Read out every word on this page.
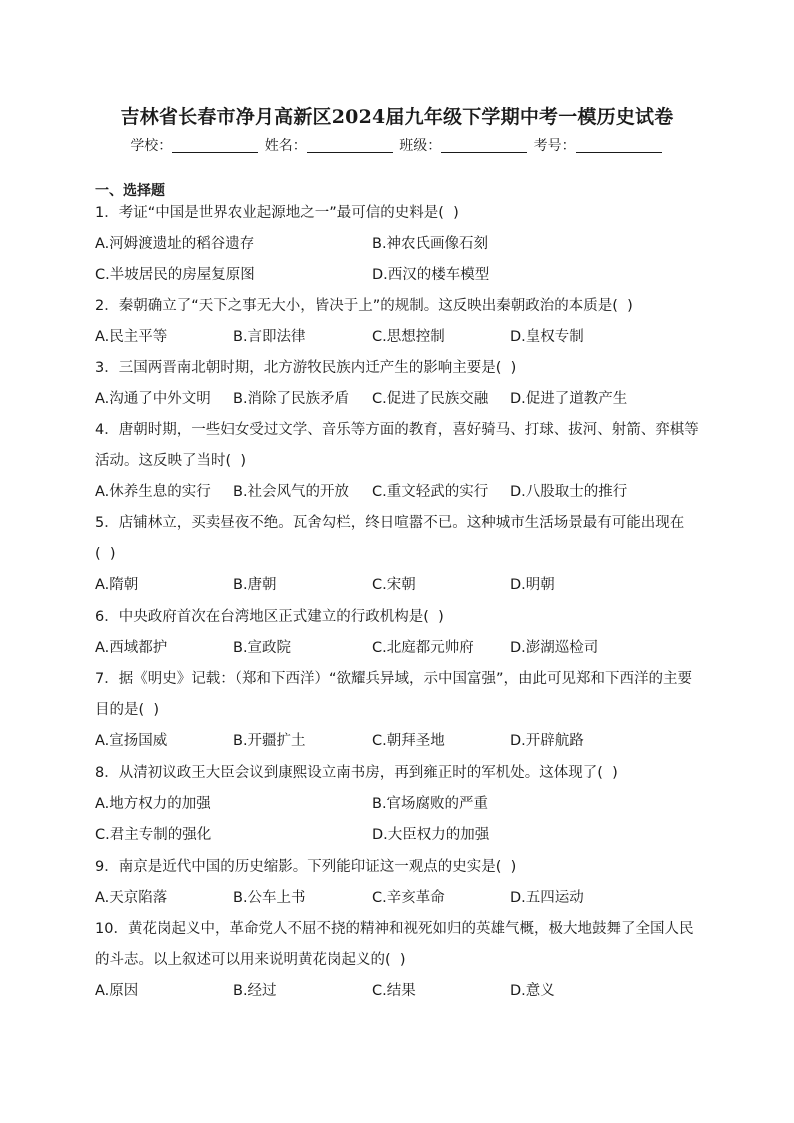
吉林省长春市净月高新区2024届九年级下学期中考一模历史试卷
学校：	姓名：	班级：	考号：
一、选择题
1．考证“中国是世界农业起源地之一”最可信的史料是(  )
A.河姆渡遗址的稻谷遗存	B.神农氏画像石刻
C.半坡居民的房屋复原图	D.西汉的楼车模型
2．秦朝确立了“天下之事无大小，皆决于上”的规制。这反映出秦朝政治的本质是(  )
A.民主平等	B.言即法律	C.思想控制	D.皇权专制
3．三国两晋南北朝时期，北方游牧民族内迁产生的影响主要是(  )
A.沟通了中外文明 B.消除了民族矛盾 C.促进了民族交融 D.促进了道教产生
4．唐朝时期，一些妇女受过文学、音乐等方面的教育，喜好骑马、打球、拔河、射箭、弈棋等活动。这反映了当时(  )
A.休养生息的实行 B.社会风气的开放 C.重文轻武的实行 D.八股取士的推行
5．店铺林立，买卖昼夜不绝。瓦舍勾栏，终日喧嚣不已。这种城市生活场景最有可能出现在(  )
A.隋朝	B.唐朝	C.宋朝	D.明朝
6．中央政府首次在台湾地区正式建立的行政机构是(  )
A.西域都护	B.宣政院	C.北庭都元帅府	D.澎湖巡检司
7．据《明史》记载：（郑和下西洋）“欲耀兵异域，示中国富强”，由此可见郑和下西洋的主要目的是(  )
A.宣扬国威	B.开疆扩土	C.朝拜圣地	D.开辟航路
8．从清初议政王大臣会议到康熙设立南书房，再到雍正时的军机处。这体现了(  )
A.地方权力的加强	B.官场腐败的严重
C.君主专制的强化	D.大臣权力的加强
9．南京是近代中国的历史缩影。下列能印证这一观点的史实是(  )
A.天京陷落	B.公车上书	C.辛亥革命	D.五四运动
10．黄花岗起义中，革命党人不屈不挠的精神和视死如归的英雄气概，极大地鼓舞了全国人民的斗志。以上叙述可以用来说明黄花岗起义的(  )
A.原因	B.经过	C.结果	D.意义
